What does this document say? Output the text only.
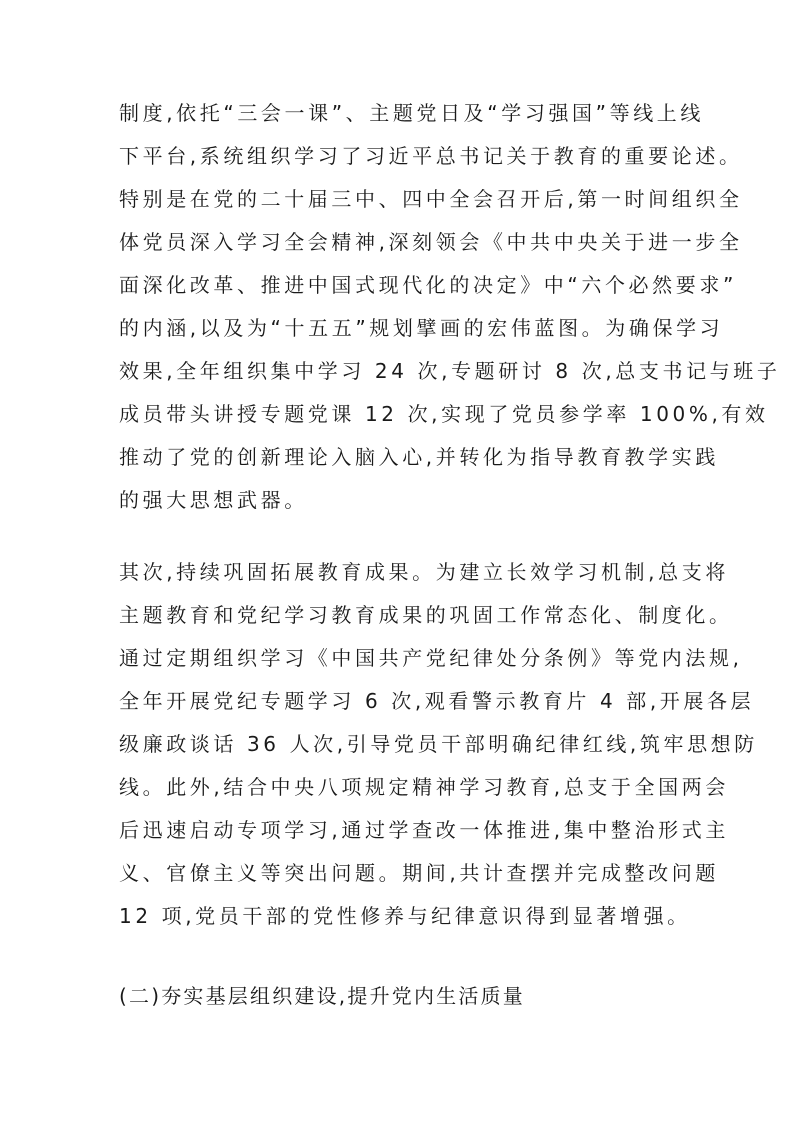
制度,依托“三会一课”、主题党日及“学习强国”等线上线
下平台,系统组织学习了习近平总书记关于教育的重要论述。
特别是在党的二十届三中、四中全会召开后,第一时间组织全
体党员深入学习全会精神,深刻领会《中共中央关于进一步全
面深化改革、推进中国式现代化的决定》中“六个必然要求”
的内涵,以及为“十五五”规划擘画的宏伟蓝图。为确保学习
效果,全年组织集中学习 24 次,专题研讨 8 次,总支书记与班子
成员带头讲授专题党课 12 次,实现了党员参学率 100%,有效
推动了党的创新理论入脑入心,并转化为指导教育教学实践
的强大思想武器。
其次,持续巩固拓展教育成果。为建立长效学习机制,总支将
主题教育和党纪学习教育成果的巩固工作常态化、制度化。
通过定期组织学习《中国共产党纪律处分条例》等党内法规,
全年开展党纪专题学习 6 次,观看警示教育片 4 部,开展各层
级廉政谈话 36 人次,引导党员干部明确纪律红线,筑牢思想防
线。此外,结合中央八项规定精神学习教育,总支于全国两会
后迅速启动专项学习,通过学查改一体推进,集中整治形式主
义、官僚主义等突出问题。期间,共计查摆并完成整改问题
12 项,党员干部的党性修养与纪律意识得到显著增强。
(二)夯实基层组织建设,提升党内生活质量
